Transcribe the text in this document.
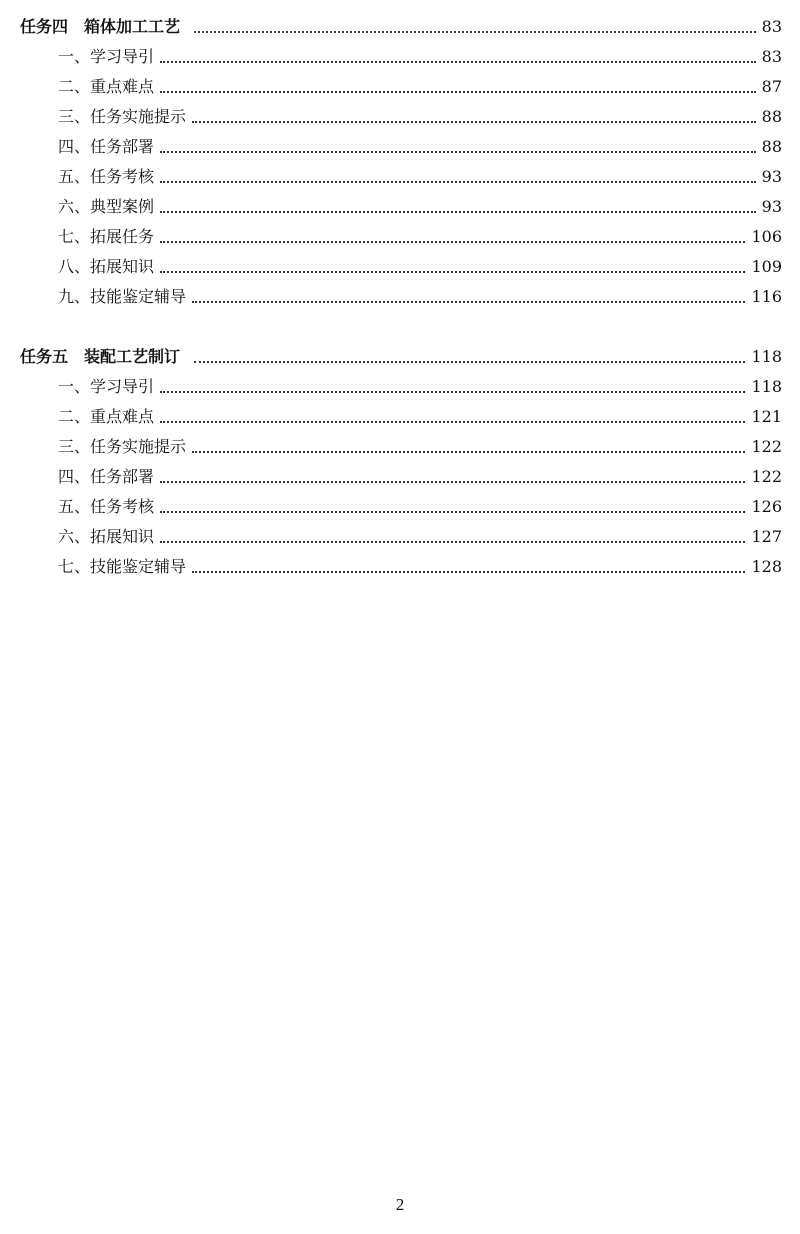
任务四 箱体加工工艺	83
一、学习导引	83
二、重点难点	87
三、任务实施提示	88
四、任务部署	88
五、任务考核	93
六、典型案例	93
七、拓展任务	106
八、拓展知识	109
九、技能鉴定辅导	116
任务五 装配工艺制订	118
一、学习导引	118
二、重点难点	121
三、任务实施提示	122
四、任务部署	122
五、任务考核	126
六、拓展知识	127
七、技能鉴定辅导	128
2
